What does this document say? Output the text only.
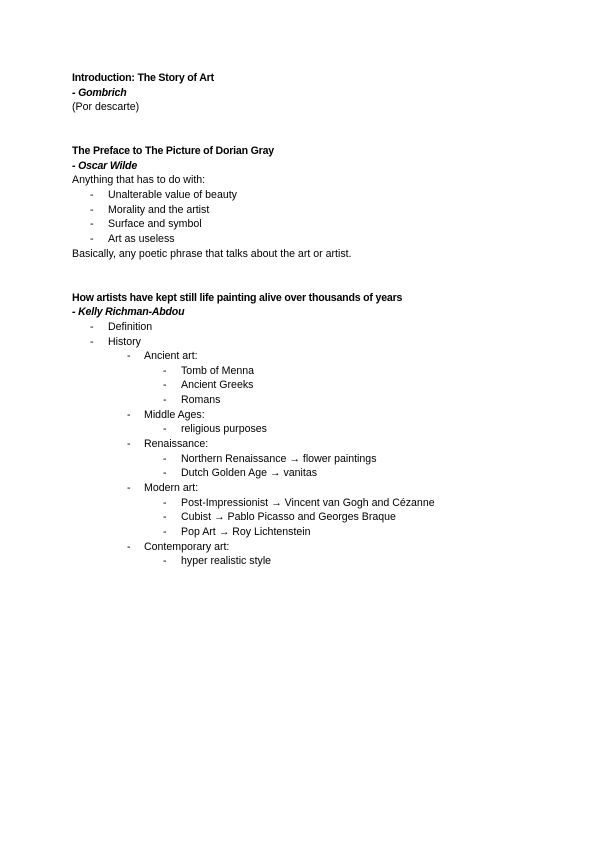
Introduction: The Story of Art
- Gombrich
(Por descarte)
The Preface to The Picture of Dorian Gray
- Oscar Wilde
Anything that has to do with:
- Unalterable value of beauty
- Morality and the artist
- Surface and symbol
- Art as useless
Basically, any poetic phrase that talks about the art or artist.
How artists have kept still life painting alive over thousands of years
- Kelly Richman-Abdou
- Definition
- History
- Ancient art:
- Tomb of Menna
- Ancient Greeks
- Romans
- Middle Ages:
- religious purposes
- Renaissance:
- Northern Renaissance → flower paintings
- Dutch Golden Age → vanitas
- Modern art:
- Post-Impressionist → Vincent van Gogh and Cézanne
- Cubist → Pablo Picasso and Georges Braque
- Pop Art → Roy Lichtenstein
- Contemporary art:
- hyper realistic style
